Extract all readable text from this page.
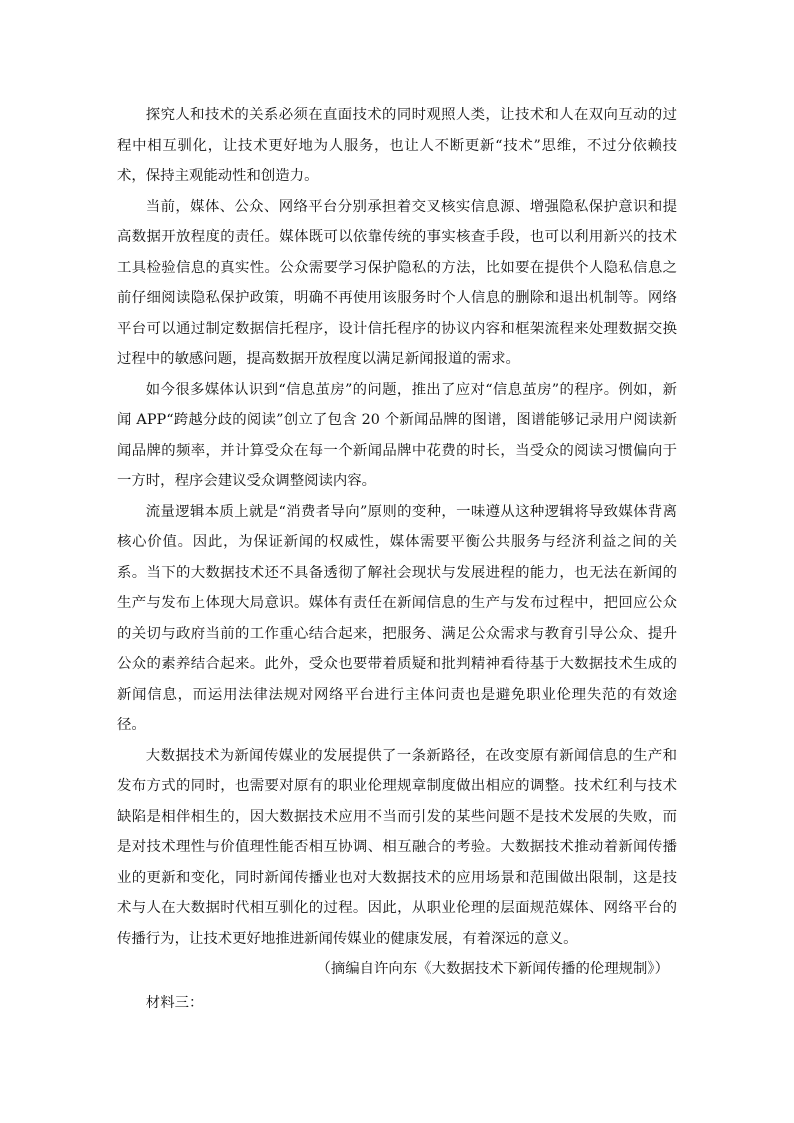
探究人和技术的关系必须在直面技术的同时观照人类，让技术和人在双向互动的过程中相互驯化，让技术更好地为人服务，也让人不断更新“技术”思维，不过分依赖技术，保持主观能动性和创造力。

当前，媒体、公众、网络平台分别承担着交叉核实信息源、增强隐私保护意识和提高数据开放程度的责任。媒体既可以依靠传统的事实核查手段，也可以利用新兴的技术工具检验信息的真实性。公众需要学习保护隐私的方法，比如要在提供个人隐私信息之前仔细阅读隐私保护政策，明确不再使用该服务时个人信息的删除和退出机制等。网络平台可以通过制定数据信托程序，设计信托程序的协议内容和框架流程来处理数据交换过程中的敏感问题，提高数据开放程度以满足新闻报道的需求。

如今很多媒体认识到“信息茧房”的问题，推出了应对“信息茧房”的程序。例如，新闻 APP“跨越分歧的阅读”创立了包含 20 个新闻品牌的图谱，图谱能够记录用户阅读新闻品牌的频率，并计算受众在每一个新闻品牌中花费的时长，当受众的阅读习惯偏向于一方时，程序会建议受众调整阅读内容。

流量逻辑本质上就是“消费者导向”原则的变种，一味遵从这种逻辑将导致媒体背离核心价值。因此，为保证新闻的权威性，媒体需要平衡公共服务与经济利益之间的关系。当下的大数据技术还不具备透彻了解社会现状与发展进程的能力，也无法在新闻的生产与发布上体现大局意识。媒体有责任在新闻信息的生产与发布过程中，把回应公众的关切与政府当前的工作重心结合起来，把服务、满足公众需求与教育引导公众、提升公众的素养结合起来。此外，受众也要带着质疑和批判精神看待基于大数据技术生成的新闻信息，而运用法律法规对网络平台进行主体问责也是避免职业伦理失范的有效途径。

大数据技术为新闻传媒业的发展提供了一条新路径，在改变原有新闻信息的生产和发布方式的同时，也需要对原有的职业伦理规章制度做出相应的调整。技术红利与技术缺陷是相伴相生的，因大数据技术应用不当而引发的某些问题不是技术发展的失败，而是对技术理性与价值理性能否相互协调、相互融合的考验。大数据技术推动着新闻传播业的更新和变化，同时新闻传播业也对大数据技术的应用场景和范围做出限制，这是技术与人在大数据时代相互驯化的过程。因此，从职业伦理的层面规范媒体、网络平台的传播行为，让技术更好地推进新闻传媒业的健康发展，有着深远的意义。

（摘编自许向东《大数据技术下新闻传播的伦理规制》）

材料三：
